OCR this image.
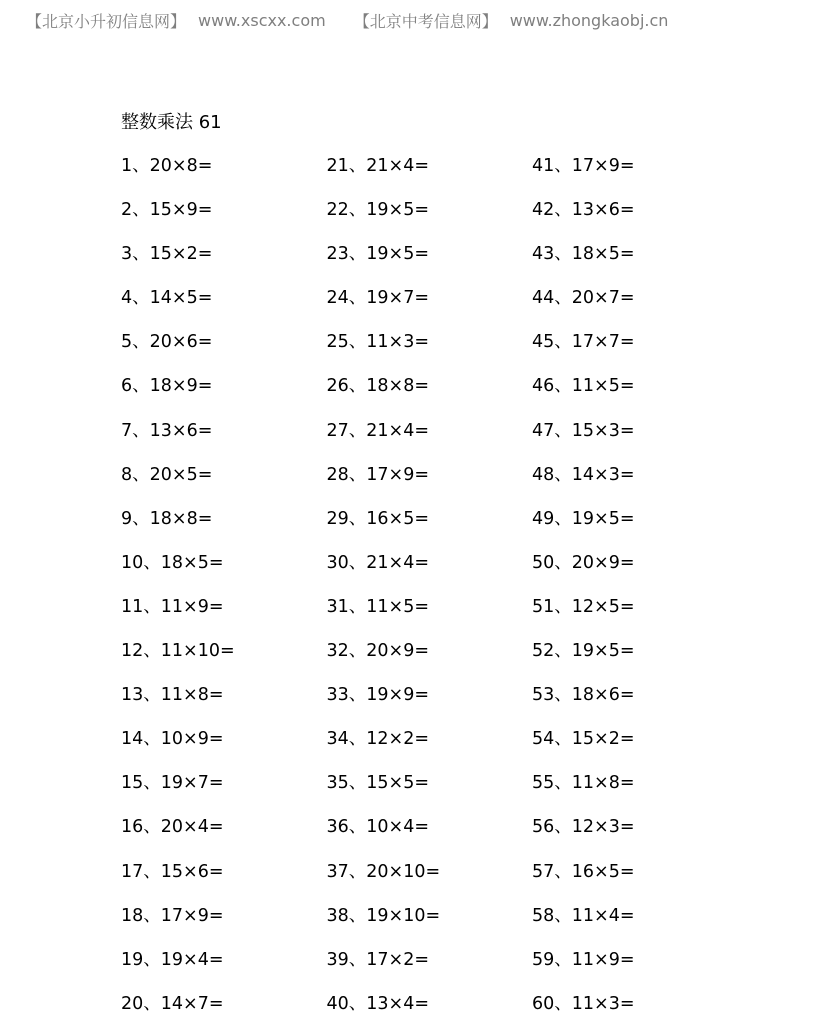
【北京小升初信息网】 www.xscxx.com 【北京中考信息网】 www.zhongkaobj.cn
整数乘法 61
1、20×8=	21、21×4=	41、17×9=
2、15×9=	22、19×5=	42、13×6=
3、15×2=	23、19×5=	43、18×5=
4、14×5=	24、19×7=	44、20×7=
5、20×6=	25、11×3=	45、17×7=
6、18×9=	26、18×8=	46、11×5=
7、13×6=	27、21×4=	47、15×3=
8、20×5=	28、17×9=	48、14×3=
9、18×8=	29、16×5=	49、19×5=
10、18×5=	30、21×4=	50、20×9=
11、11×9=	31、11×5=	51、12×5=
12、11×10=	32、20×9=	52、19×5=
13、11×8=	33、19×9=	53、18×6=
14、10×9=	34、12×2=	54、15×2=
15、19×7=	35、15×5=	55、11×8=
16、20×4=	36、10×4=	56、12×3=
17、15×6=	37、20×10=	57、16×5=
18、17×9=	38、19×10=	58、11×4=
19、19×4=	39、17×2=	59、11×9=
20、14×7=	40、13×4=	60、11×3=
